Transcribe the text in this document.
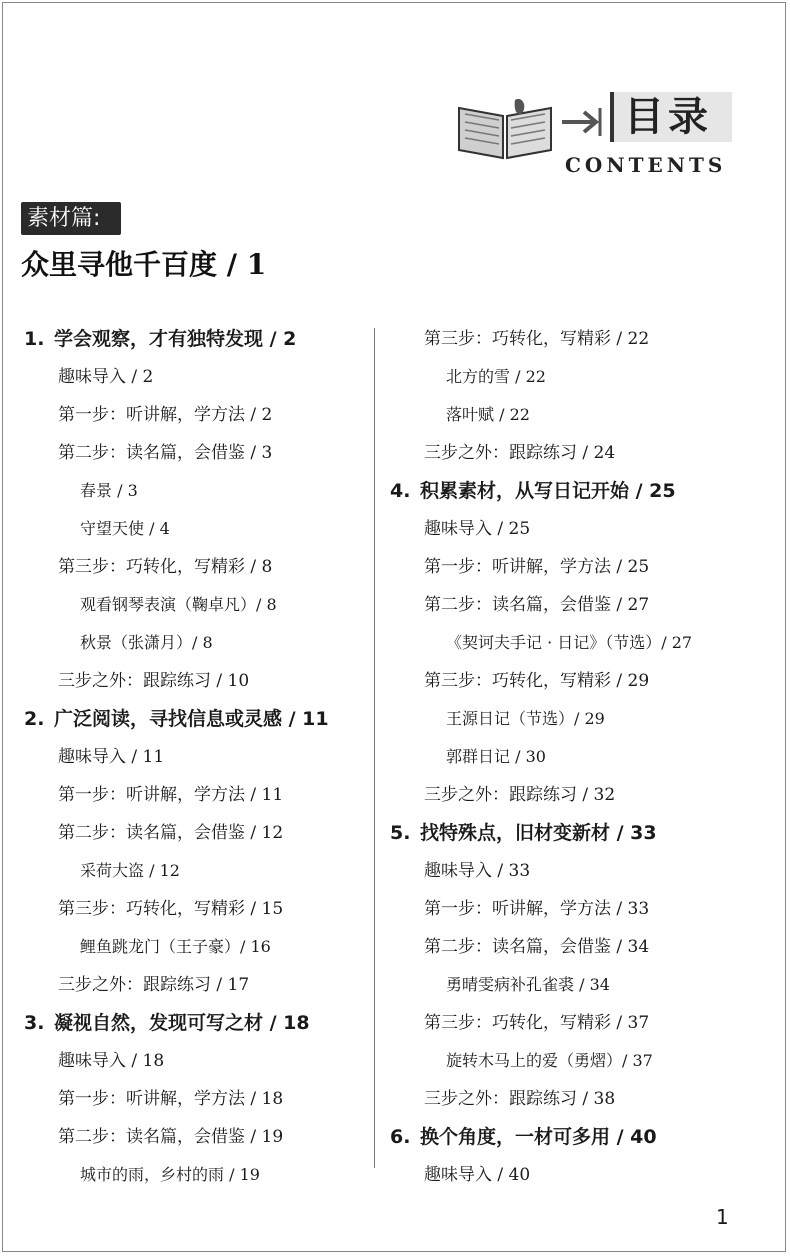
目录
CONTENTS
素材篇:
众里寻他千百度 / 1
1. 学会观察，才有独特发现 / 2
趣味导入 / 2
第一步：听讲解，学方法 / 2
第二步：读名篇，会借鉴 / 3
春景 / 3
守望天使 / 4
第三步：巧转化，写精彩 / 8
观看钢琴表演（鞠卓凡）/ 8
秋景（张潇月）/ 8
三步之外：跟踪练习 / 10
2. 广泛阅读，寻找信息或灵感 / 11
趣味导入 / 11
第一步：听讲解，学方法 / 11
第二步：读名篇，会借鉴 / 12
采荷大盗 / 12
第三步：巧转化，写精彩 / 15
鲤鱼跳龙门（王子豪）/ 16
三步之外：跟踪练习 / 17
3. 凝视自然，发现可写之材 / 18
趣味导入 / 18
第一步：听讲解，学方法 / 18
第二步：读名篇，会借鉴 / 19
城市的雨，乡村的雨 / 19
第三步：巧转化，写精彩 / 22
北方的雪 / 22
落叶赋 / 22
三步之外：跟踪练习 / 24
4. 积累素材，从写日记开始 / 25
趣味导入 / 25
第一步：听讲解，学方法 / 25
第二步：读名篇，会借鉴 / 27
《契诃夫手记 · 日记》（节选）/ 27
第三步：巧转化，写精彩 / 29
王源日记（节选）/ 29
郭群日记 / 30
三步之外：跟踪练习 / 32
5. 找特殊点，旧材变新材 / 33
趣味导入 / 33
第一步：听讲解，学方法 / 33
第二步：读名篇，会借鉴 / 34
勇晴雯病补孔雀裘 / 34
第三步：巧转化，写精彩 / 37
旋转木马上的爱（勇熠）/ 37
三步之外：跟踪练习 / 38
6. 换个角度，一材可多用 / 40
趣味导入 / 40
1
